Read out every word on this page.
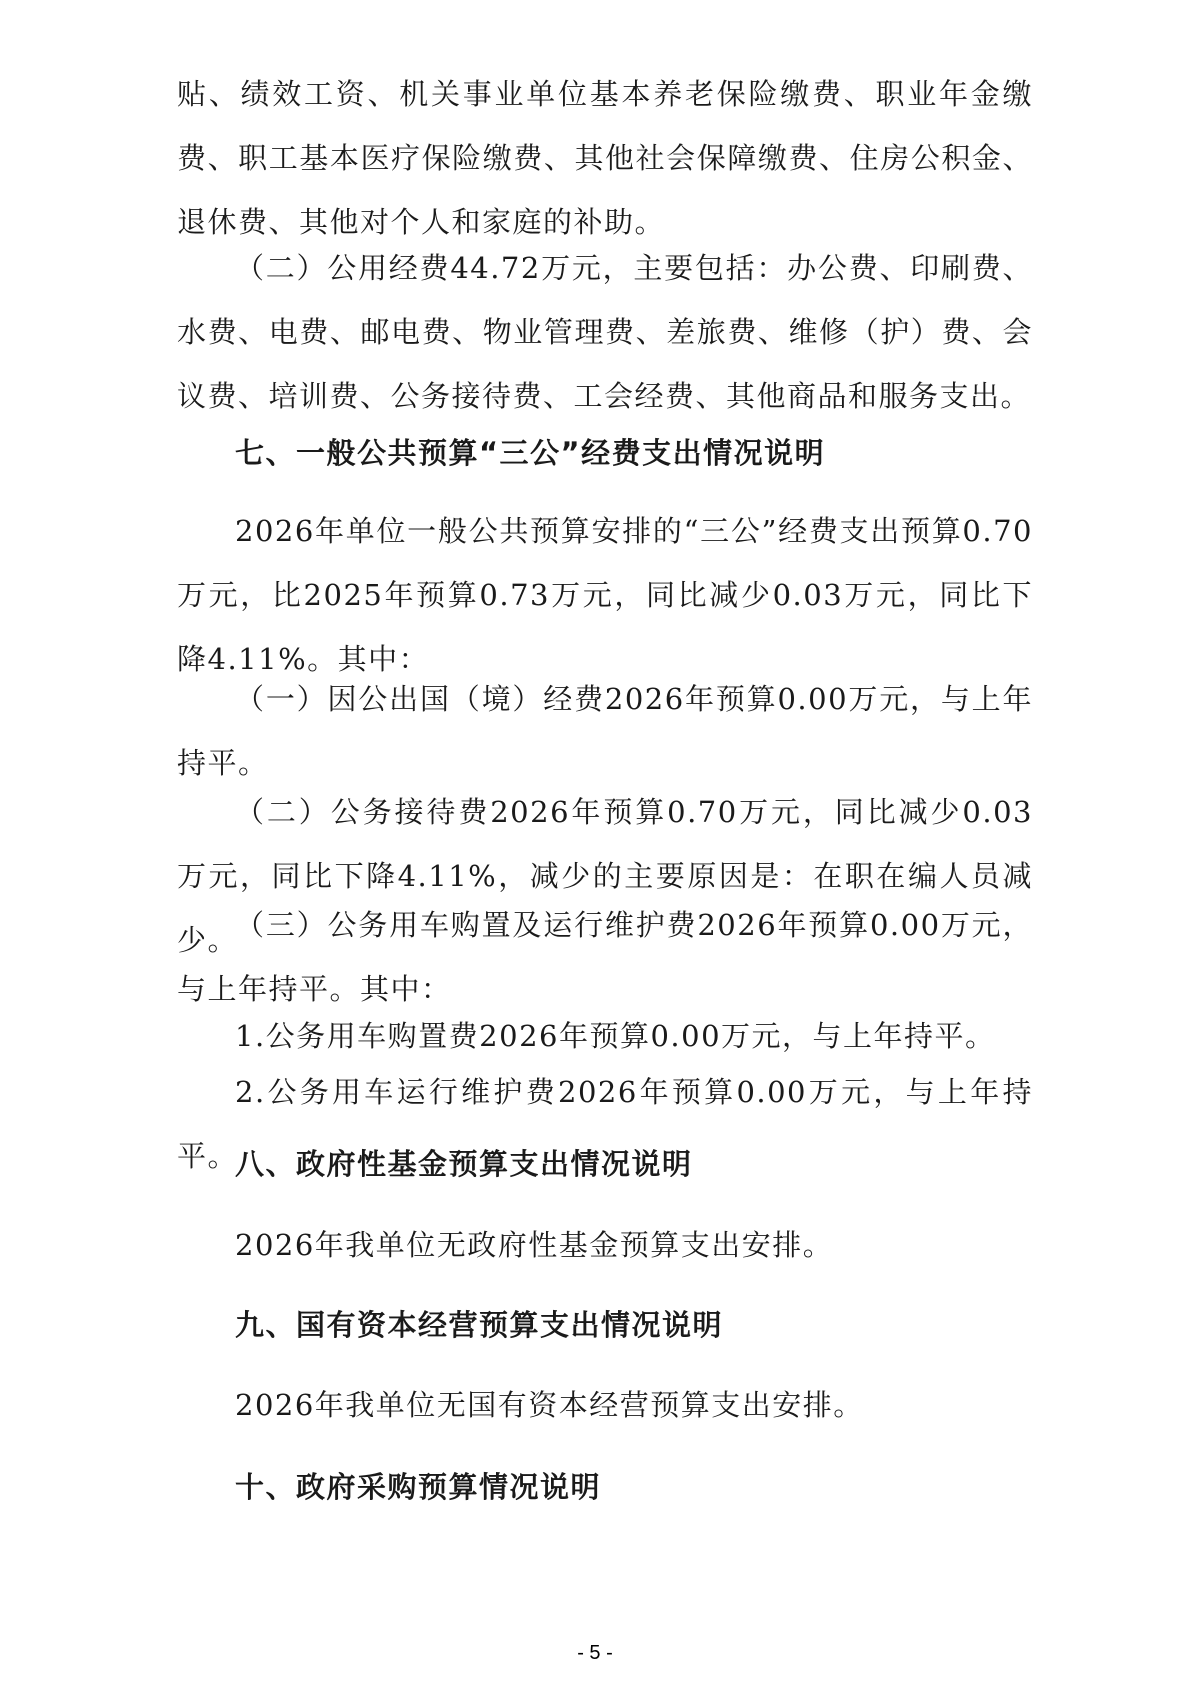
贴、绩效工资、机关事业单位基本养老保险缴费、职业年金缴费、职工基本医疗保险缴费、其他社会保障缴费、住房公积金、退休费、其他对个人和家庭的补助。

（二）公用经费44.72万元，主要包括：办公费、印刷费、水费、电费、邮电费、物业管理费、差旅费、维修（护）费、会议费、培训费、公务接待费、工会经费、其他商品和服务支出。

七、一般公共预算“三公”经费支出情况说明

2026年单位一般公共预算安排的“三公”经费支出预算0.70万元，比2025年预算0.73万元，同比减少0.03万元，同比下降4.11%。其中：

（一）因公出国（境）经费2026年预算0.00万元，与上年持平。

（二）公务接待费2026年预算0.70万元，同比减少0.03万元，同比下降4.11%，减少的主要原因是：在职在编人员减少。

（三）公务用车购置及运行维护费2026年预算0.00万元，与上年持平。其中：

1.公务用车购置费2026年预算0.00万元，与上年持平。

2.公务用车运行维护费2026年预算0.00万元，与上年持平。

八、政府性基金预算支出情况说明

2026年我单位无政府性基金预算支出安排。

九、国有资本经营预算支出情况说明

2026年我单位无国有资本经营预算支出安排。

十、政府采购预算情况说明
- 5 -
